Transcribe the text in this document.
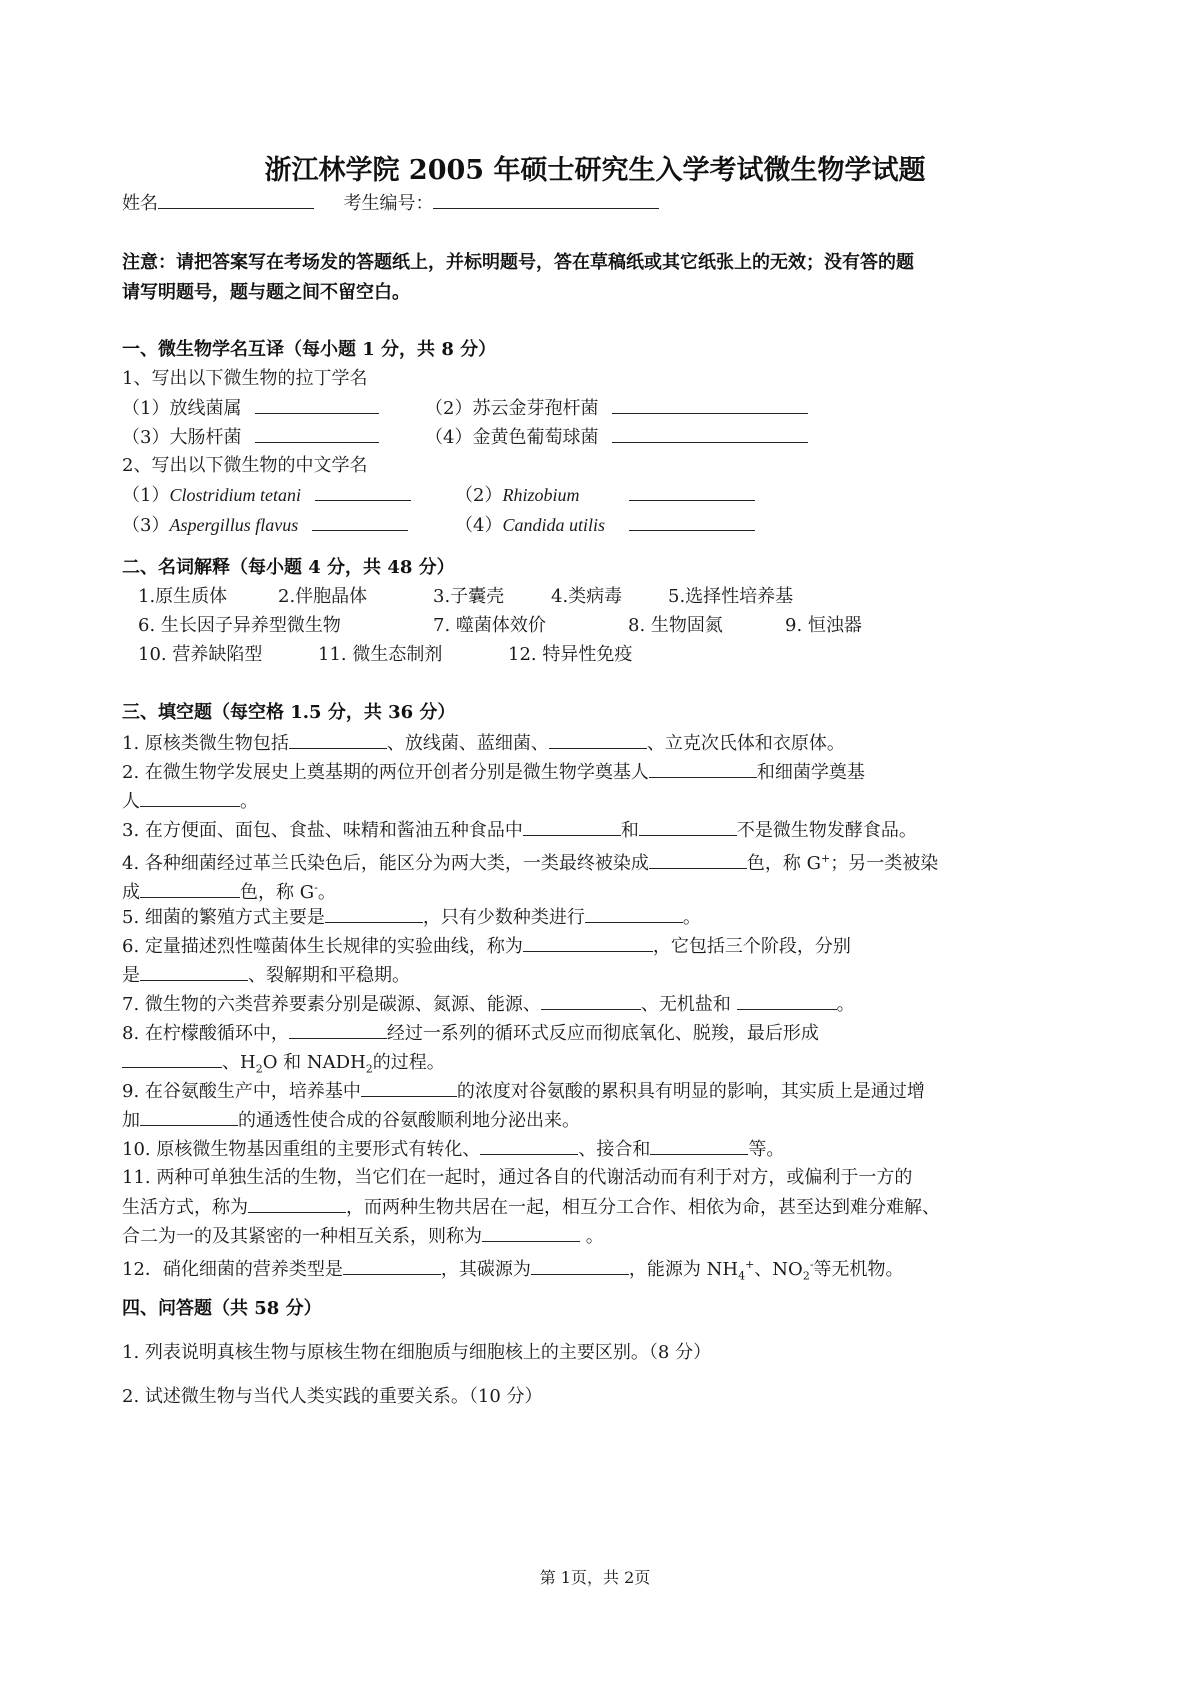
浙江林学院 2005 年硕士研究生入学考试微生物学试题
姓名	考生编号：
注意：请把答案写在考场发的答题纸上，并标明题号，答在草稿纸或其它纸张上的无效；没有答的题
请写明题号，题与题之间不留空白。
一、微生物学名互译（每小题 1 分，共 8 分）
1、写出以下微生物的拉丁学名
（1）放线菌属	（2）苏云金芽孢杆菌
（3）大肠杆菌	（4）金黄色葡萄球菌
2、写出以下微生物的中文学名
（1）Clostridium tetani	（2）Rhizobium
（3）Aspergillus flavus	（4）Candida utilis
二、名词解释（每小题 4 分，共 48 分）
1.原生质体	2.伴胞晶体	3.子囊壳	4.类病毒	5.选择性培养基
6. 生长因子异养型微生物	7. 噬菌体效价	8. 生物固氮	9. 恒浊器
10. 营养缺陷型	11. 微生态制剂	12. 特异性免疫
三、填空题（每空格 1.5 分，共 36 分）
1. 原核类微生物包括	、放线菌、蓝细菌、	、立克次氏体和衣原体。
2. 在微生物学发展史上奠基期的两位开创者分别是微生物学奠基人	和细菌学奠基
人	。
3. 在方便面、面包、食盐、味精和酱油五种食品中	和	不是微生物发酵食品。
4. 各种细菌经过革兰氏染色后，能区分为两大类，一类最终被染成	色，称 G+；另一类被染
成	色，称 G-。
5. 细菌的繁殖方式主要是	，只有少数种类进行	。
6. 定量描述烈性噬菌体生长规律的实验曲线，称为	，它包括三个阶段，分别
是	、裂解期和平稳期。
7. 微生物的六类营养要素分别是碳源、氮源、能源、	、无机盐和	。
8. 在柠檬酸循环中，	经过一系列的循环式反应而彻底氧化、脱羧，最后形成
、$H_2O$ 和 $NADH_2$的过程。
9. 在谷氨酸生产中，培养基中	的浓度对谷氨酸的累积具有明显的影响，其实质上是通过增
加	的通透性使合成的谷氨酸顺利地分泌出来。
10. 原核微生物基因重组的主要形式有转化、	、接合和	等。
11. 两种可单独生活的生物，当它们在一起时，通过各自的代谢活动而有利于对方，或偏利于一方的
生活方式，称为	，而两种生物共居在一起，相互分工合作、相依为命，甚至达到难分难解、
合二为一的及其紧密的一种相互关系，则称为	。
12．硝化细菌的营养类型是	，其碳源为	，能源为 $NH_4^+$、$NO_2^-$等无机物。
四、问答题（共 58 分）
1. 列表说明真核生物与原核生物在细胞质与细胞核上的主要区别。（8 分）
2. 试述微生物与当代人类实践的重要关系。（10 分）
第 1页，共 2页
